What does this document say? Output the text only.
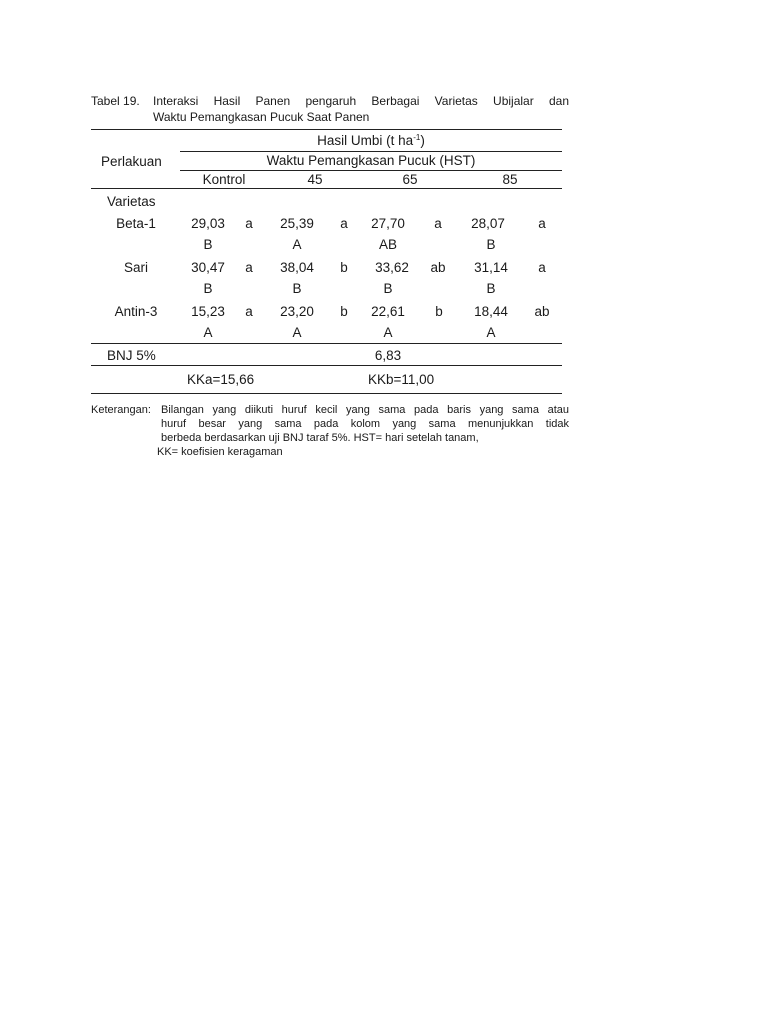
Tabel 19. Interaksi Hasil Panen pengaruh Berbagai Varietas Ubijalar dan
Waktu Pemangkasan Pucuk Saat Panen
Perlakuan
Hasil Umbi (t $ha^{-1}$)
Waktu Pemangkasan Pucuk (HST)
Kontrol	45	65	85
Varietas
Beta-1	29,03	a	25,39	a	27,70	a	28,07	a
B	A	AB	B
Sari	30,47	a	38,04	b	33,62	ab	31,14	a
B	B	B	B
Antin-3	15,23	a	23,20	b	22,61	b	18,44	ab
A	A	A	A
BNJ 5%	6,83
KKa=15,66	KKb=11,00
Keterangan: Bilangan yang diikuti huruf kecil yang sama pada baris yang sama atau
huruf besar yang sama pada kolom yang sama menunjukkan tidak
berbeda berdasarkan uji BNJ taraf 5%. HST= hari setelah tanam,
KK= koefisien keragaman
